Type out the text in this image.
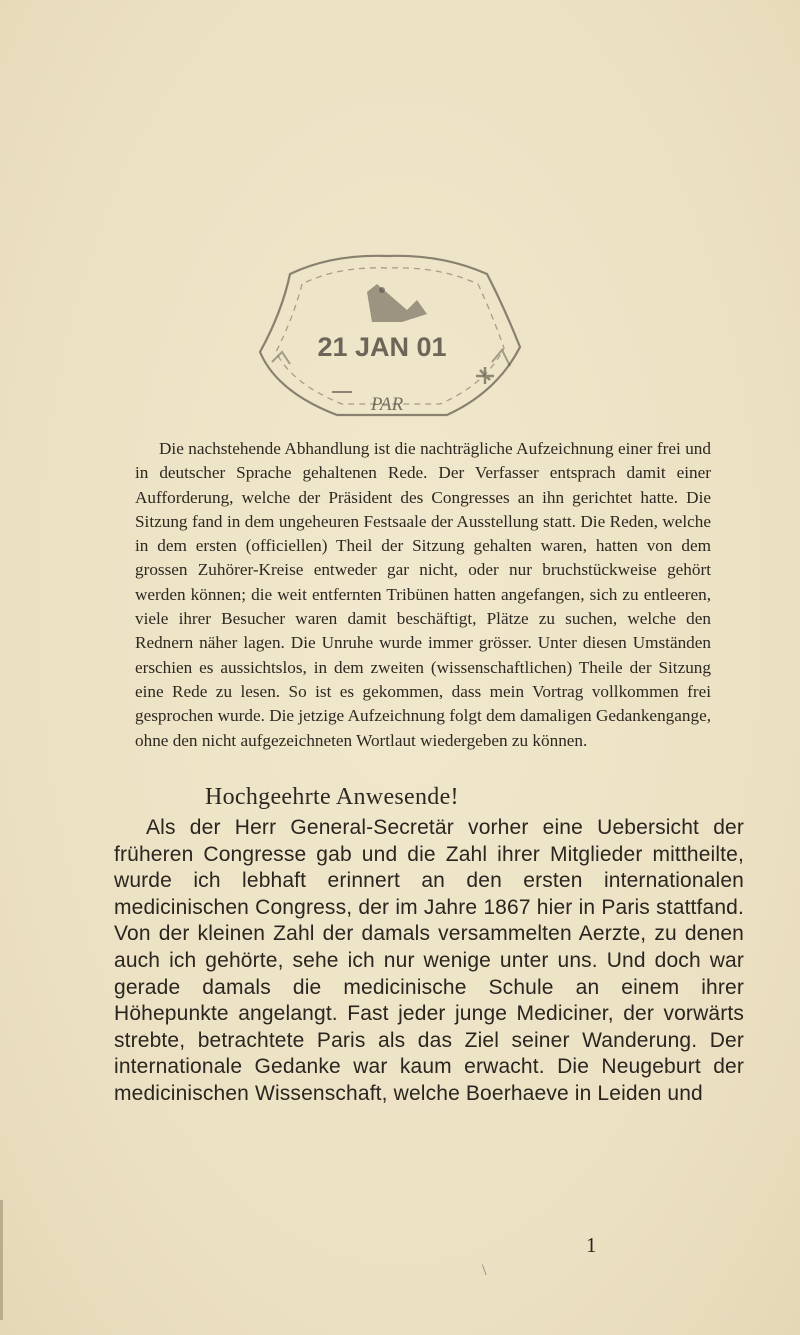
21 JAN 01
PAR

Die nachstehende Abhandlung ist die nachträgliche Aufzeichnung einer frei und in deutscher Sprache gehaltenen Rede. Der Verfasser entsprach damit einer Aufforderung, welche der Präsident des Congresses an ihn gerichtet hatte. Die Sitzung fand in dem ungeheuren Festsaale der Ausstellung statt. Die Reden, welche in dem ersten (officiellen) Theil der Sitzung gehalten waren, hatten von dem grossen Zuhörer-Kreise entweder gar nicht, oder nur bruchstückweise gehört werden können; die weit entfernten Tribünen hatten angefangen, sich zu entleeren, viele ihrer Besucher waren damit beschäftigt, Plätze zu suchen, welche den Rednern näher lagen. Die Unruhe wurde immer grösser. Unter diesen Umständen erschien es aussichtslos, in dem zweiten (wissenschaftlichen) Theile der Sitzung eine Rede zu lesen. So ist es gekommen, dass mein Vortrag vollkommen frei gesprochen wurde. Die jetzige Aufzeichnung folgt dem damaligen Gedankengange, ohne den nicht aufgezeichneten Wortlaut wiedergeben zu können.

Hochgeehrte Anwesende!

Als der Herr General-Secretär vorher eine Uebersicht der früheren Congresse gab und die Zahl ihrer Mitglieder mittheilte, wurde ich lebhaft erinnert an den ersten internationalen medicinischen Congress, der im Jahre 1867 hier in Paris stattfand. Von der kleinen Zahl der damals versammelten Aerzte, zu denen auch ich gehörte, sehe ich nur wenige unter uns. Und doch war gerade damals die medicinische Schule an einem ihrer Höhepunkte angelangt. Fast jeder junge Mediciner, der vorwärts strebte, betrachtete Paris als das Ziel seiner Wanderung. Der internationale Gedanke war kaum erwacht. Die Neugeburt der medicinischen Wissenschaft, welche Boerhaeve in Leiden und

1
\
